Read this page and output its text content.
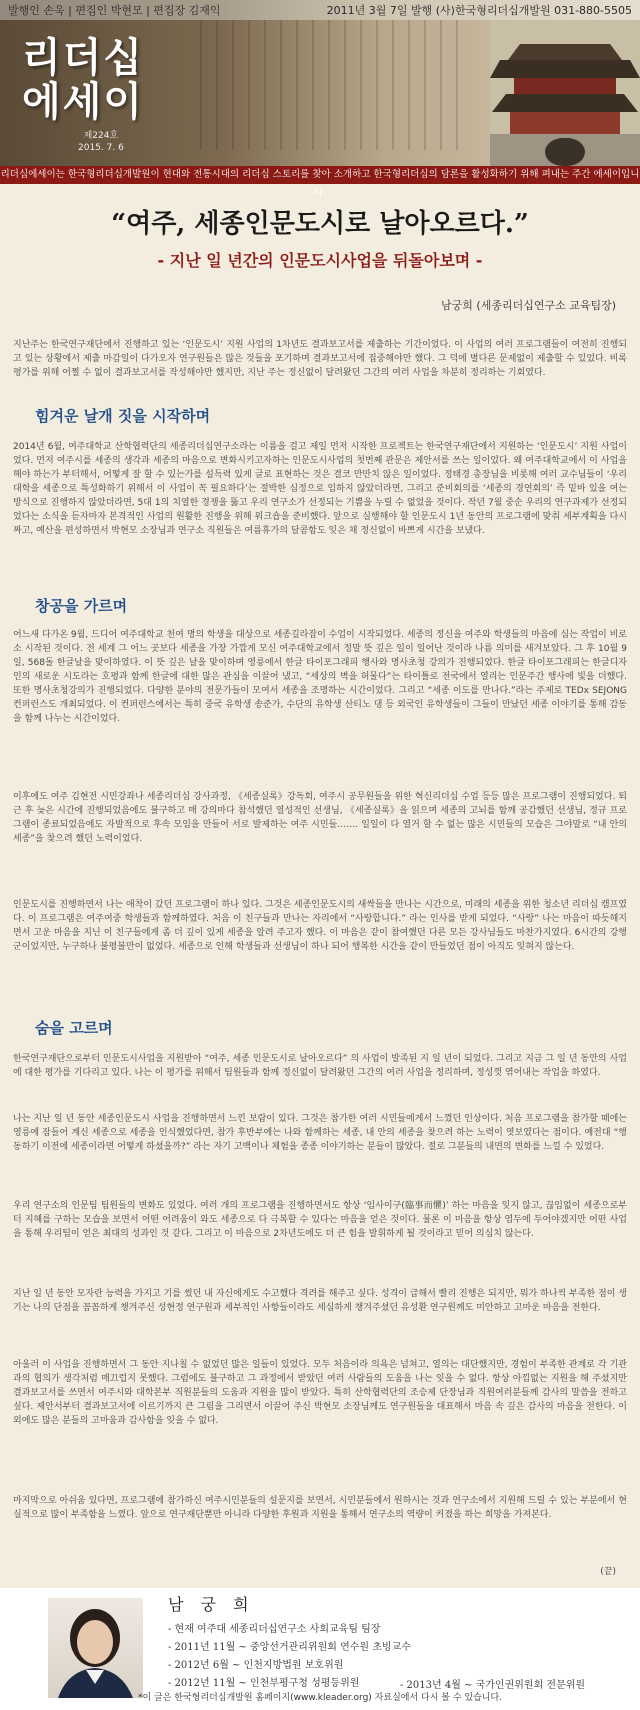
발행인 손욱 | 편집인 박현모 | 편집장 김재익	2011년 3월 7일 발행 (사)한국형리더십개발원 031-880-5505
리더십
에세이
제224호
2015. 7. 6
리더십에세이는 한국형리더십개발원이 현대와 전통시대의 리더십 스토리를 찾아 소개하고 한국형리더십의 담론을 활성화하기 위해 펴내는 주간 에세이입니다.
“여주, 세종인문도시로 날아오르다.”
- 지난 일 년간의 인문도시사업을 뒤돌아보며 -
남궁희 (세종리더십연구소 교육팀장)

지난주는 한국연구재단에서 진행하고 있는 ‘인문도시’ 지원 사업의 1차년도 결과보고서를 제출하는 기간이었다. 이 사업의 여러 프로그램들이 여전히 진행되고 있는 상황에서 제출 마감일이 다가오자 연구원들은 많은 것들을 포기하며 결과보고서에 집중해야만 했다. 그 덕에 별다른 문제없이 제출할 수 있었다. 비록 평가를 위해 어쩔 수 없이 결과보고서를 작성해야만 했지만, 지난 주는 정신없이 달려왔던 그간의 여러 사업을 차분히 정리하는 기회였다.

힘겨운 날개 짓을 시작하며

2014년 6월, 여주대학교 산학협력단의 세종리더십연구소라는 이름을 걸고 제일 먼저 시작한 프로젝트는 한국연구재단에서 지원하는 ‘인문도시’ 지원 사업이었다. 먼저 여주시를 세종의 생각과 세종의 마음으로 변화시키고자하는 인문도시사업의 첫번째 관문은 제안서를 쓰는 일이었다. 왜 여주대학교에서 이 사업을 해야 하는가 부터해서, 어떻게 잘 할 수 있는가를 설득력 있게 글로 표현하는 것은 결코 만만치 않은 일이었다. 정태경 총장님을 비롯해 여러 교수님들이 ‘우리 대학을 세종으로 특성화하기 위해서 이 사업이 꼭 필요하다’는 절박한 심정으로 임하지 않았더라면, 그리고 준비회의를 ‘세종의 경연회의’ 즉 밑바 있을 여는 방식으로 진행하지 않았더라면, 5대 1의 치열한 경쟁을 뚫고 우리 연구소가 선정되는 기쁨을 누릴 수 없었을 것이다. 작년 7월 중순 우리의 연구과제가 선정되었다는 소식을 듣자마자 본격적인 사업의 원활한 진행을 위해 워크숍을 준비했다. 앞으로 실행해야 할 인문도시 1년 동안의 프로그램에 맞춰 세부계획을 다시 짜고, 예산을 편성하면서 박현모 소장님과 연구소 직원들은 여름휴가의 달콤함도 잊은 채 정신없이 바쁘게 시간을 보냈다.

창공을 가르며

어느새 다가온 9월, 드디어 여주대학교 천여 명의 학생을 대상으로 세종길라잡이 수업이 시작되었다. 세종의 정신을 여주와 학생들의 마음에 심는 작업이 비로소 시작된 것이다. 전 세계 그 어느 곳보다 세종을 가장 가깝게 모신 여주대학교에서 정말 뜻 깊은 일이 일어난 것이라 나름 의미를 새겨보았다. 그 후 10월 9일, 568돌 한글날을 맞이하였다. 이 뜻 깊은 날을 맞이하며 영릉에서 한글 타이포그래피 행사와 명사초청 강의가 진행되었다. 한글 타이포그래피는 한글디자인의 새로운 시도라는 호평과 함께 한글에 대한 많은 관심을 이끌어 냈고, “세상의 벽을 허물다”는 타이틀로 전국에서 열리는 인문주간 행사에 빛을 더했다. 또한 명사초청강의가 진행되었다. 다양한 분야의 전문가들이 모여서 세종을 조명하는 시간이었다. 그리고 “세종 이도를 만나다.”라는 주제로 TEDx SEJONG 컨퍼런스도 개최되었다. 이 컨퍼런스에서는 특히 중국 유학생 송준가, 수단의 유학생 산티노 댕 등 외국인 유학생들이 그들이 만났던 세종 이야기를 통해 감동을 함께 나누는 시간이었다.

이후에도 여주 김현전 시민강좌나 세종리더십 강사과정, 《세종실록》강독회, 여주시 공무원들을 위한 혁신리더십 수업 등등 많은 프로그램이 진행되었다. 퇴근 후 늦은 시간에 진행되었음에도 불구하고 매 강의마다 참석했던 열성적인 선생님, 《세종실록》을 읽으며 세종의 고뇌를 함께 공감했던 선생님, 정규 프로그램이 종료되었음에도 자발적으로 후속 모임을 만들어 서로 발제하는 여주 시민들……. 일일이 다 열거 할 수 없는 많은 시민들의 모습은 그야말로 “내 안의 세종”을 찾으려 했던 노력이었다.

인문도시를 진행하면서 나는 애착이 갔던 프로그램이 하나 있다. 그것은 세종인문도시의 새싹들을 만나는 시간으로, 미래의 세종을 위한 청소년 리더십 캠프였다. 이 프로그램은 여주여중 학생들과 함께하였다. 처음 이 친구들과 만나는 자리에서 “사랑합니다.” 라는 인사를 받게 되었다. “사랑” 나는 마음이 따듯해지면서 고운 마음을 지닌 이 친구들에게 좀 더 깊이 있게 세종을 알려 주고자 했다. 이 마음은 같이 참여했던 다른 모든 강사님들도 마찬가지였다. 6시간의 강행군이었지만, 누구하나 불평불만이 없었다. 세종으로 인해 학생들과 선생님이 하나 되어 행복한 시간을 같이 만들었던 점이 아직도 잊혀지 않는다.

숨을 고르며

한국연구재단으로부터 인문도시사업을 지원받아 “여주, 세종 인문도시로 날아오르다” 의 사업이 발족된 지 일 년이 되었다. 그리고 지금 그 일 년 동안의 사업에 대한 평가를 기다리고 있다. 나는 이 평가를 위해서 팀원들과 함께 정신없이 달려왔던 그간의 여러 사업을 정리하며, 정성껏 엮어내는 작업을 하였다.

나는 지난 일 년 동안 세종인문도시 사업을 진행하면서 느낀 보람이 있다. 그것은 참가한 여러 시민들에게서 느꼈던 인상이다. 처음 프로그램을 참가할 때에는 영릉에 잠들어 계신 세종으로 세종을 인식했었다면, 참가 후반부에는 나와 함께하는 세종, 내 안의 세종을 찾으려 하는 노력이 엿보였다는 점이다. 예전대 “행동하기 이전에 세종이라면 어떻게 하셨을까?” 라는 자기 고백이나 체험을 종종 이야기하는 분들이 많았다. 절로 그분들의 내면의 변화를 느낄 수 있었다.

우리 연구소의 인문팀 팀원들의 변화도 있었다. 여러 개의 프로그램을 진행하면서도 항상 ‘임사이구(臨事而懼)’ 하는 마음을 잊지 않고, 끊임없이 세종으로부터 지혜를 구하는 모습을 보면서 어떤 어려움이 와도 세종으로 다 극복할 수 있다는 마음을 얻은 것이다. 물론 이 마음을 항상 염두에 두어야겠지만 어떤 사업을 통해 우리팀이 얻은 최대의 성과인 것 같다. 그리고 이 마음으로 2차년도에도 더 큰 힘을 발휘하게 될 것이라고 믿어 의심치 않는다.

지난 일 년 동안 모자란 능력을 가지고 기를 썼던 내 자신에게도 수고했다 격려를 해주고 싶다. 성격이 급해서 빨리 진행은 되지만, 뭐가 하나씩 부족한 점이 생기는 나의 단점을 꼼꼼하게 챙겨주신 성현정 연구원과 세부적인 사항들이라도 세심하게 챙겨주셨던 유성환 연구원께도 미안하고 고마운 마음을 전한다.

아울러 이 사업을 진행하면서 그 동안 지나칠 수 없었던 많은 일들이 있었다. 모두 처음이라 의욕은 넘쳐고, 열의는 대단했지만, 경험이 부족한 관계로 각 기관과의 협의가 생각처럼 매끄럽지 못했다. 그럼에도 불구하고 그 과정에서 받았던 여러 사람들의 도움을 나는 잊을 수 없다. 항상 아낌없는 지원을 해 주셨지만 결과보고서를 쓰면서 여주시와 대학본부 직원분들의 도움과 지원을 많이 받았다. 특히 산학협력단의 조승제 단장님과 직원여러분들께 감사의 말씀을 전하고 싶다. 제안서부터 결과보고서에 이르기까지 큰 그림을 그리면서 이끌어 주신 박현모 소장님께도 연구원들을 대표해서 마음 속 깊은 감사의 마음을 전한다. 이 외에도 많은 분들의 고마움과 감사함을 잊을 수 없다.

마지막으로 아쉬움 있다면, 프로그램에 참가하신 여주시민분들의 설문지를 보면서, 시민분들에서 원하시는 것과 연구소에서 지원해 드릴 수 있는 부분에서 현실적으로 많이 부족함을 느꼈다. 앞으로 연구재단뿐만 아니라 다양한 후원과 지원을 통해서 연구소의 역량이 커졌을 하는 희망을 가져본다.

(끝)
남 궁 희
- 현재 여주대 세종리더십연구소 사회교육팀 팀장
- 2011년 11월 ~ 중앙선거관리위원회 연수원 초빙교수
- 2012년 6월 ~ 인천지방법원 보호위원
- 2012년 11월 ~ 인천부평구청 성평등위원
*이 글은 한국형리더십개발원 홈페이지(www.kleader.org) 자료실에서 다시 볼 수 있습니다.
- 2013년 4월 ~ 국가인권위원회 전문위원
